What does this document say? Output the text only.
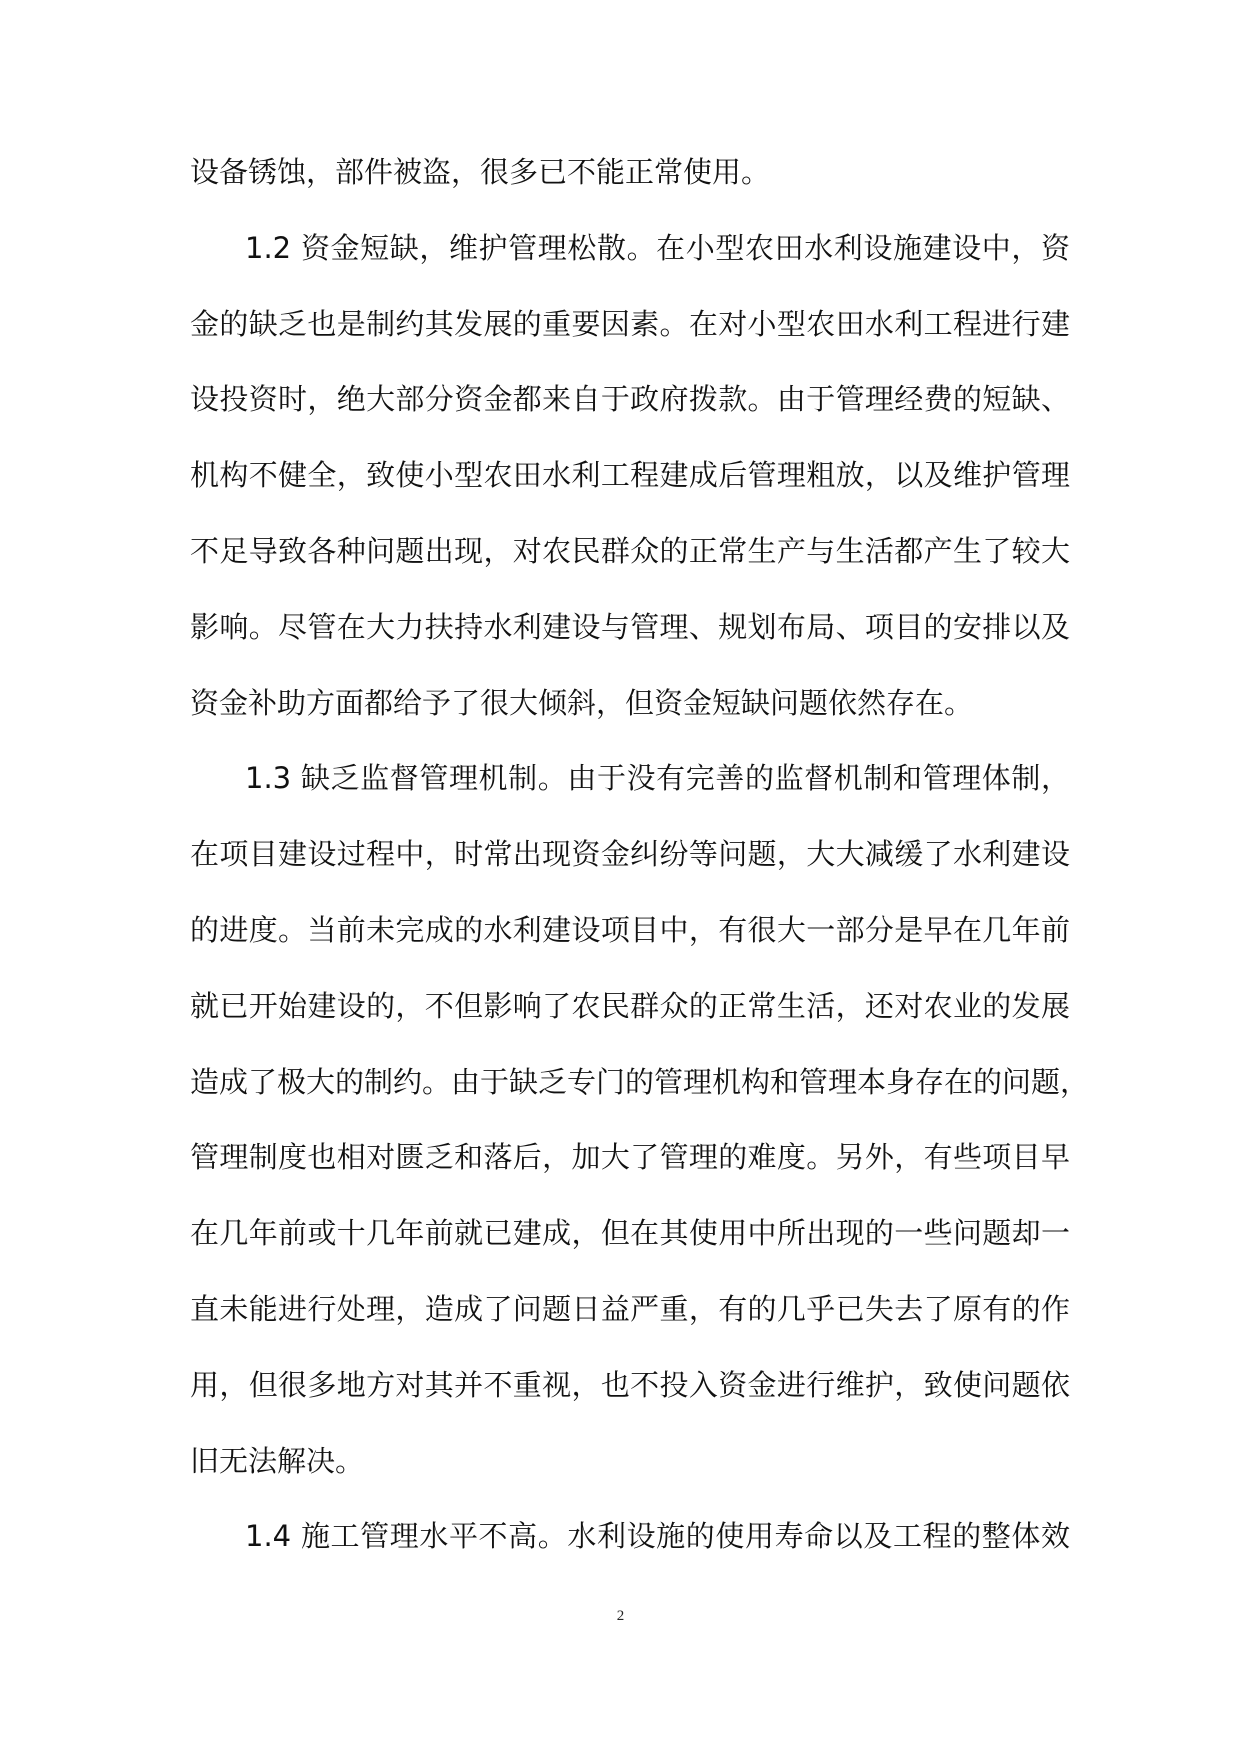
设备锈蚀，部件被盗，很多已不能正常使用。
1.2 资金短缺，维护管理松散。在小型农田水利设施建设中，资
金的缺乏也是制约其发展的重要因素。在对小型农田水利工程进行建
设投资时，绝大部分资金都来自于政府拨款。由于管理经费的短缺、
机构不健全，致使小型农田水利工程建成后管理粗放，以及维护管理
不足导致各种问题出现，对农民群众的正常生产与生活都产生了较大
影响。尽管在大力扶持水利建设与管理、规划布局、项目的安排以及
资金补助方面都给予了很大倾斜，但资金短缺问题依然存在。
1.3 缺乏监督管理机制。由于没有完善的监督机制和管理体制，
在项目建设过程中，时常出现资金纠纷等问题，大大减缓了水利建设
的进度。当前未完成的水利建设项目中，有很大一部分是早在几年前
就已开始建设的，不但影响了农民群众的正常生活，还对农业的发展
造成了极大的制约。由于缺乏专门的管理机构和管理本身存在的问题，
管理制度也相对匮乏和落后，加大了管理的难度。另外，有些项目早
在几年前或十几年前就已建成，但在其使用中所出现的一些问题却一
直未能进行处理，造成了问题日益严重，有的几乎已失去了原有的作
用，但很多地方对其并不重视，也不投入资金进行维护，致使问题依
旧无法解决。
1.4 施工管理水平不高。水利设施的使用寿命以及工程的整体效
2
